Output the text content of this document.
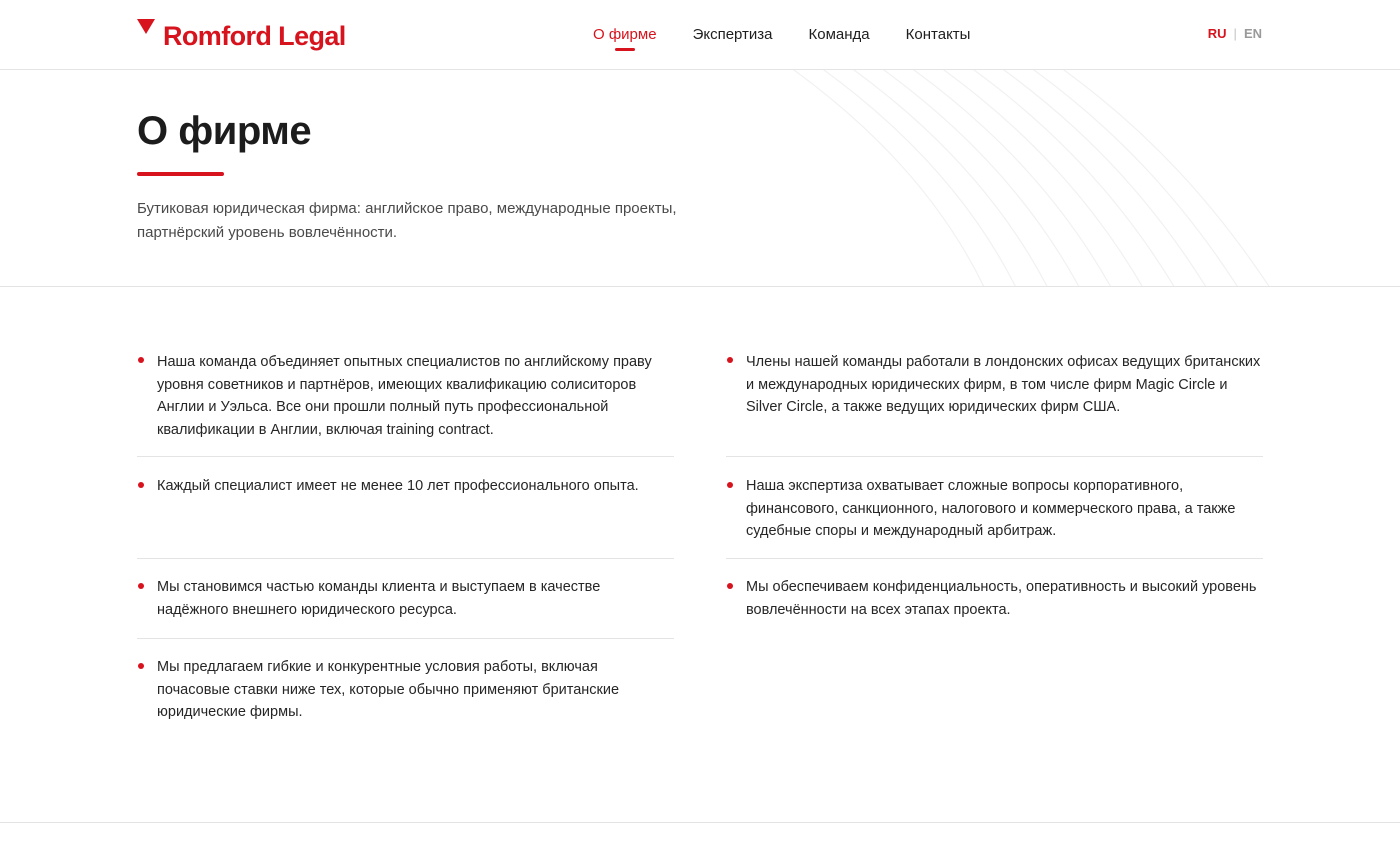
Romford Legal	О фирме Экспертиза Команда Контакты	RU | EN
О фирме

Бутиковая юридическая фирма: английское право, международные проекты,
партнёрский уровень вовлечённости.

Наша команда объединяет опытных специалистов по английскому праву уровня советников и партнёров, имеющих квалификацию солиситоров Англии и Уэльса. Все они прошли полный путь профессиональной квалификации в Англии, включая training contract.

Каждый специалист имеет не менее 10 лет профессионального опыта.

Мы становимся частью команды клиента и выступаем в качестве надёжного внешнего юридического ресурса.

Мы предлагаем гибкие и конкурентные условия работы, включая почасовые ставки ниже тех, которые обычно применяют британские юридические фирмы.

Члены нашей команды работали в лондонских офисах ведущих британских и международных юридических фирм, в том числе фирм Magic Circle и Silver Circle, а также ведущих юридических фирм США.

Наша экспертиза охватывает сложные вопросы корпоративного, финансового, санкционного, налогового и коммерческого права, а также судебные споры и международный арбитраж.

Мы обеспечиваем конфиденциальность, оперативность и высокий уровень вовлечённости на всех этапах проекта.
